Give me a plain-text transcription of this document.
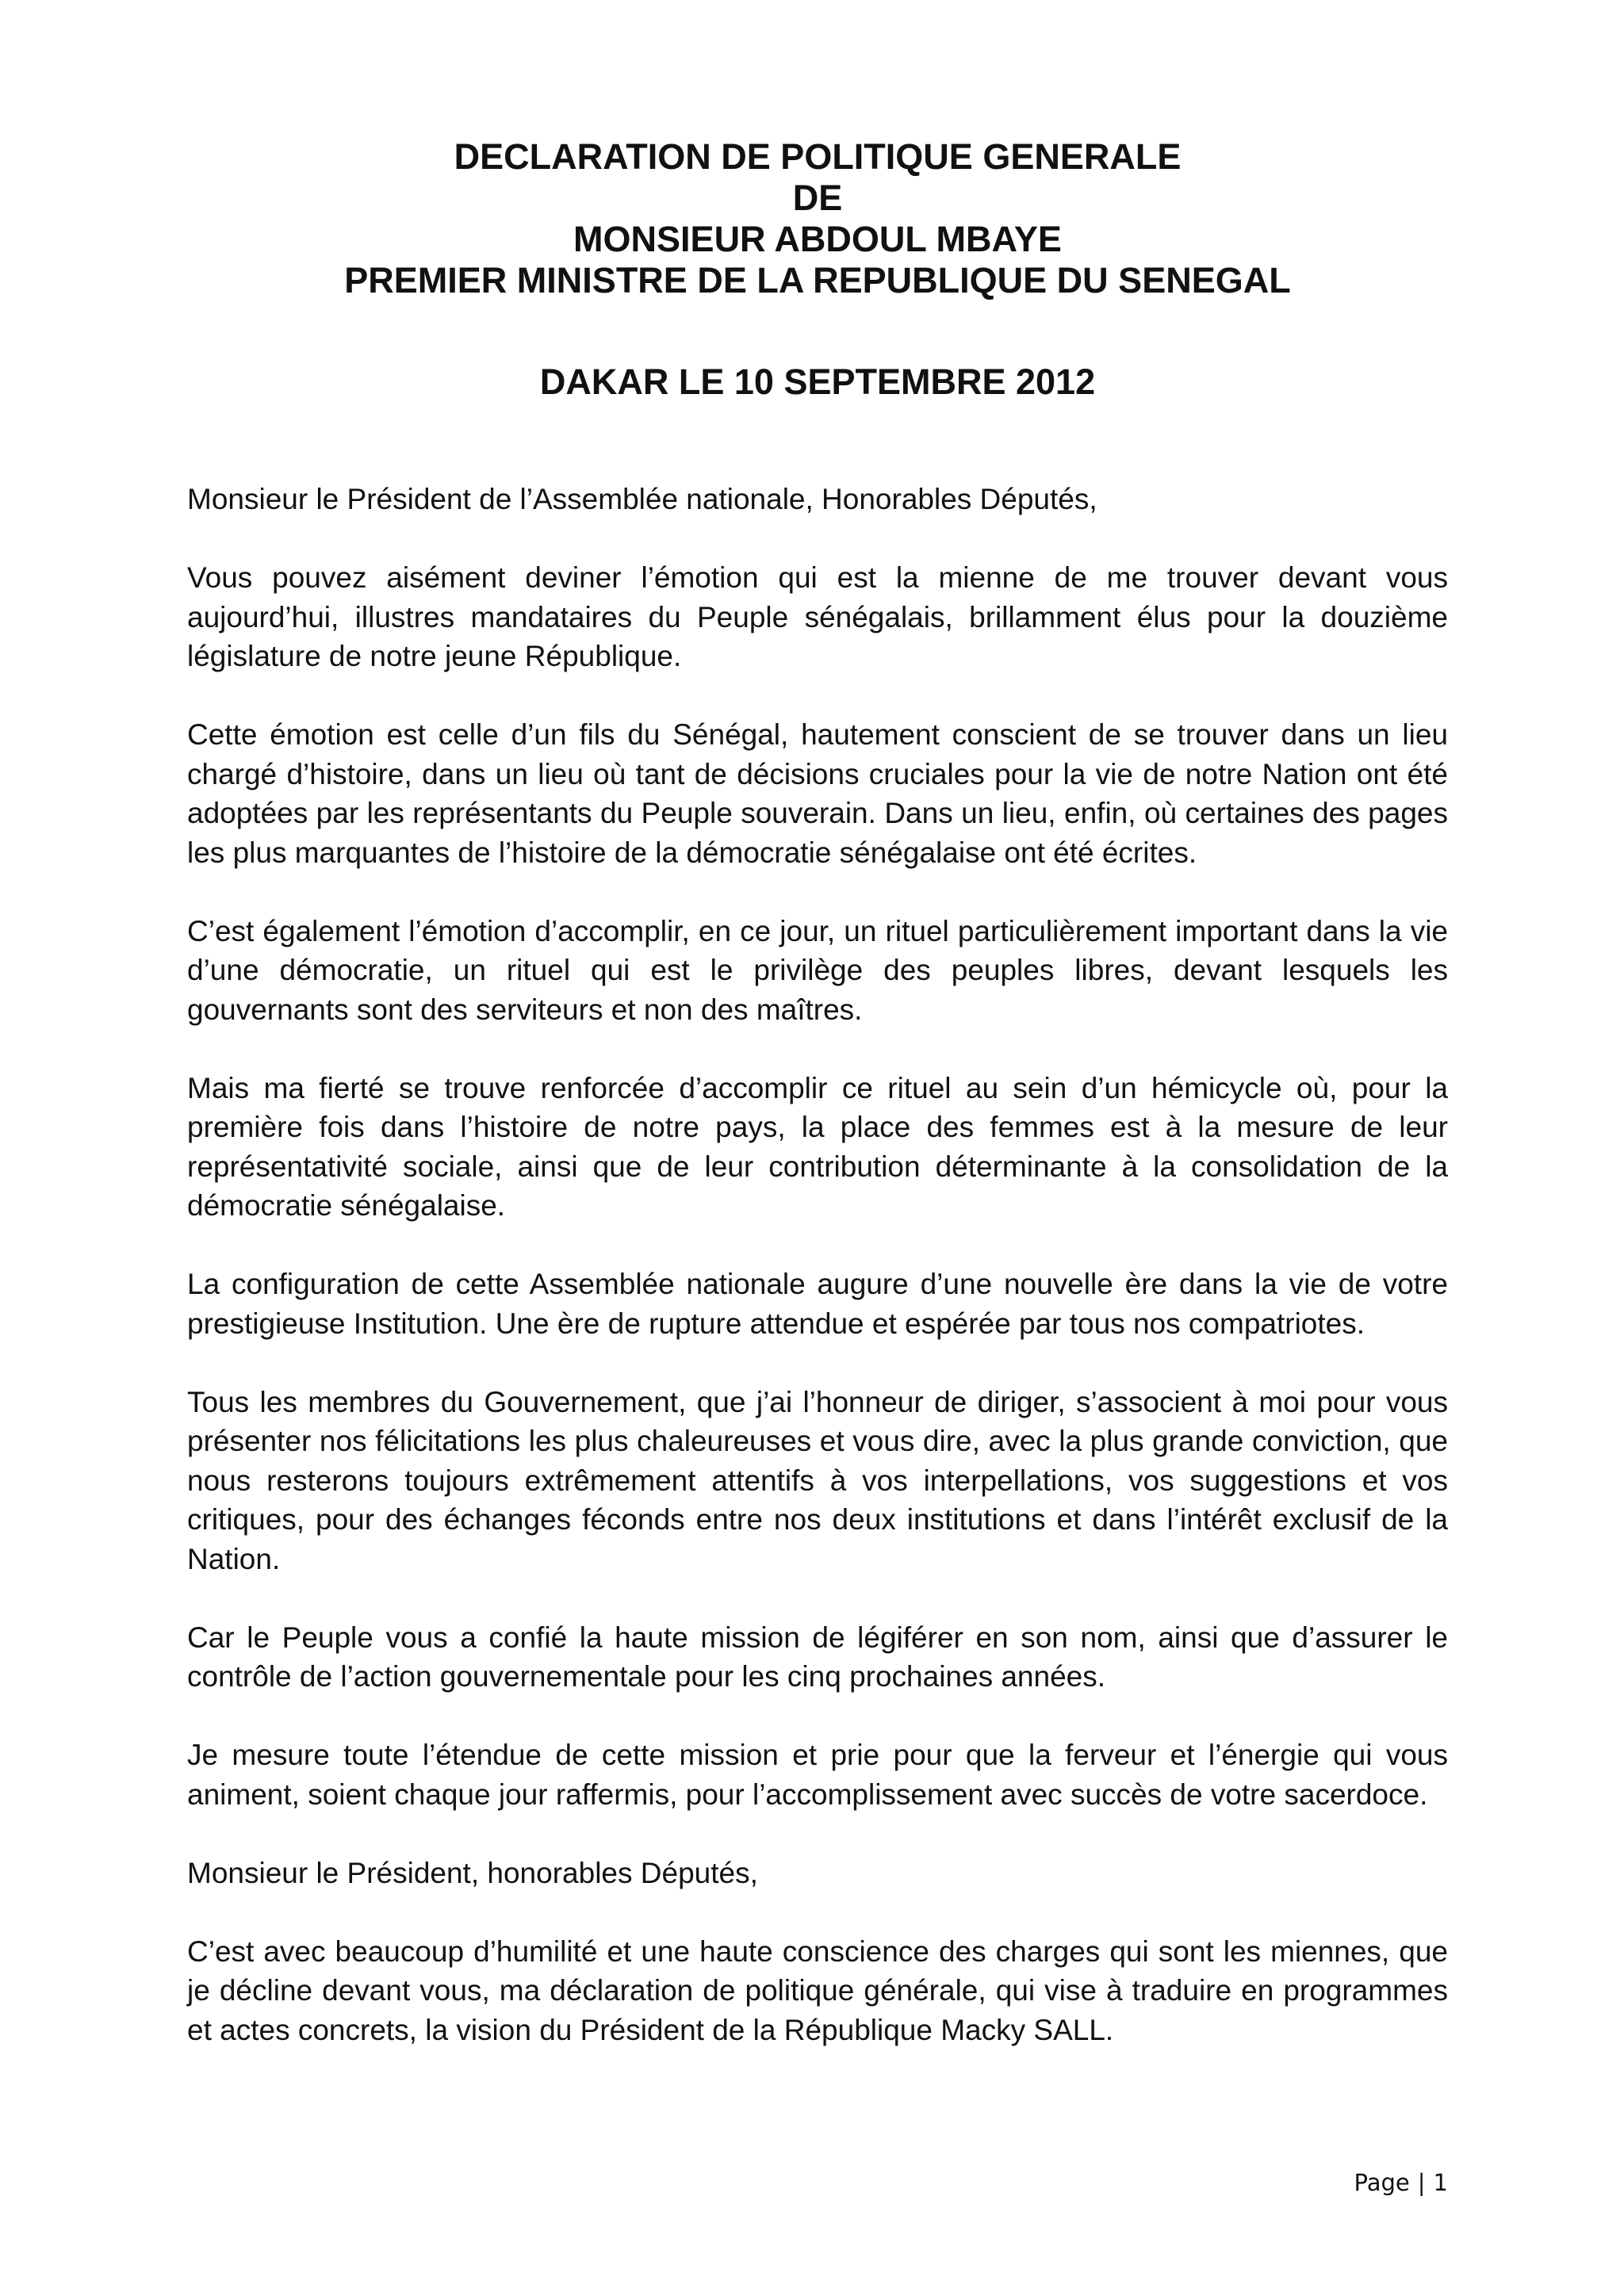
DECLARATION DE POLITIQUE GENERALE
DE
MONSIEUR ABDOUL MBAYE
PREMIER MINISTRE DE LA REPUBLIQUE DU SENEGAL
DAKAR LE 10 SEPTEMBRE 2012

Monsieur le Président de l’Assemblée nationale, Honorables Députés,

Vous pouvez aisément deviner l’émotion qui est la mienne de me trouver devant vous aujourd’hui, illustres mandataires du Peuple sénégalais, brillamment élus pour la douzième législature de notre jeune République.

Cette émotion est celle d’un fils du Sénégal, hautement conscient de se trouver dans un lieu chargé d’histoire, dans un lieu où tant de décisions cruciales pour la vie de notre Nation ont été adoptées par les représentants du Peuple souverain. Dans un lieu, enfin, où certaines des pages les plus marquantes de l’histoire de la démocratie sénégalaise ont été écrites.

C’est également l’émotion d’accomplir, en ce jour, un rituel particulièrement important dans la vie d’une démocratie, un rituel qui est le privilège des peuples libres, devant lesquels les gouvernants sont des serviteurs et non des maîtres.

Mais ma fierté se trouve renforcée d’accomplir ce rituel au sein d’un hémicycle où, pour la première fois dans l’histoire de notre pays, la place des femmes est à la mesure de leur représentativité sociale, ainsi que de leur contribution déterminante à la consolidation de la démocratie sénégalaise.

La configuration de cette Assemblée nationale augure d’une nouvelle ère dans la vie de votre prestigieuse Institution. Une ère de rupture attendue et espérée par tous nos compatriotes.

Tous les membres du Gouvernement, que j’ai l’honneur de diriger, s’associent à moi pour vous présenter nos félicitations les plus chaleureuses et vous dire, avec la plus grande conviction, que nous resterons toujours extrêmement attentifs à vos interpellations, vos suggestions et vos critiques, pour des échanges féconds entre nos deux institutions et dans l’intérêt exclusif de la Nation.

Car le Peuple vous a confié la haute mission de légiférer en son nom, ainsi que d’assurer le contrôle de l’action gouvernementale pour les cinq prochaines années.

Je mesure toute l’étendue de cette mission et prie pour que la ferveur et l’énergie qui vous animent, soient chaque jour raffermis, pour l’accomplissement avec succès de votre sacerdoce.

Monsieur le Président, honorables Députés,

C’est avec beaucoup d’humilité et une haute conscience des charges qui sont les miennes, que je décline devant vous, ma déclaration de politique générale, qui vise à traduire en programmes et actes concrets, la vision du Président de la République Macky SALL.

Page | 1
